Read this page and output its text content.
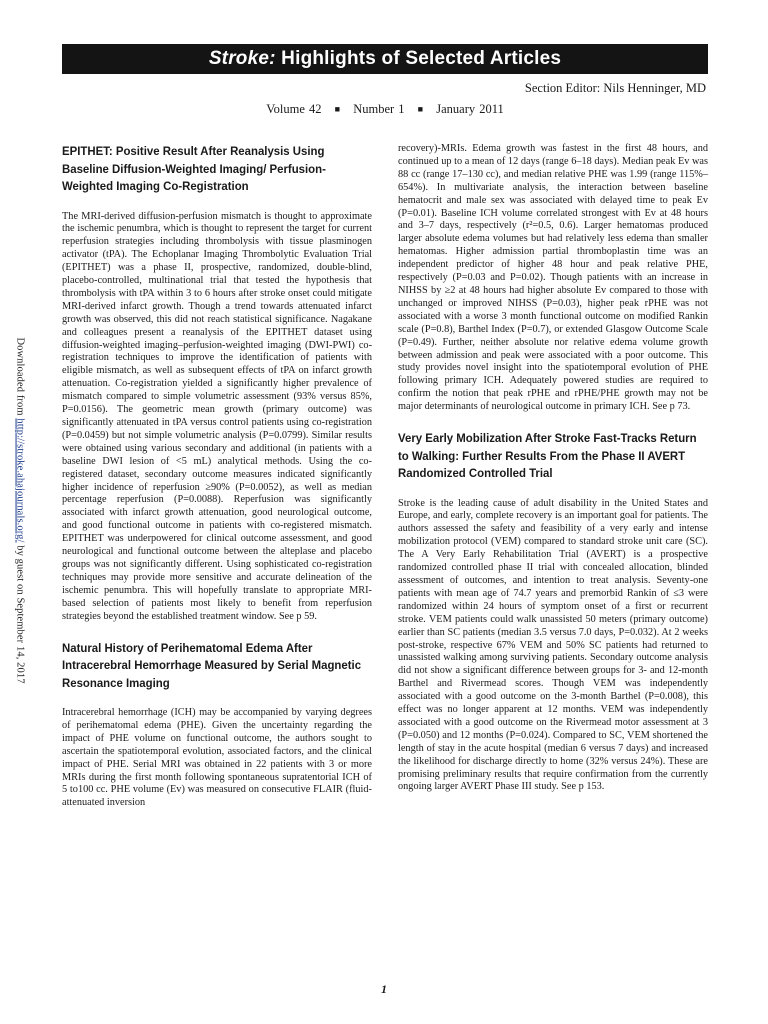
Downloaded from http://stroke.ahajournals.org/ by guest on September 14, 2017
Stroke: Highlights of Selected Articles
Section Editor: Nils Henninger, MD
Volume 42 ■ Number 1 ■ January 2011
EPITHET: Positive Result After Reanalysis Using Baseline Diffusion-Weighted Imaging/ Perfusion-Weighted Imaging Co-Registration

The MRI-derived diffusion-perfusion mismatch is thought to approximate the ischemic penumbra, which is thought to represent the target for current reperfusion strategies including thrombolysis with tissue plasminogen activator (tPA). The Echoplanar Imaging Thrombolytic Evaluation Trial (EPITHET) was a phase II, prospective, randomized, double-blind, placebo-controlled, multinational trial that tested the hypothesis that thrombolysis with tPA within 3 to 6 hours after stroke onset could mitigate MRI-derived infarct growth. Though a trend towards attenuated infarct growth was observed, this did not reach statistical significance. Nagakane and colleagues present a reanalysis of the EPITHET dataset using diffusion-weighted imaging–perfusion-weighted imaging (DWI-PWI) co-registration techniques to improve the identification of patients with eligible mismatch, as well as subsequent effects of tPA on infarct growth attenuation. Co-registration yielded a significantly higher prevalence of mismatch compared to simple volumetric assessment (93% versus 85%, P=0.0156). The geometric mean growth (primary outcome) was significantly attenuated in tPA versus control patients using co-registration (P=0.0459) but not simple volumetric analysis (P=0.0799). Similar results were obtained using various secondary and additional (in patients with a baseline DWI lesion of <5 mL) analytical methods. Using the co-registered dataset, secondary outcome measures indicated significantly higher incidence of reperfusion ≥90% (P=0.0052), as well as median percentage reperfusion (P=0.0088). Reperfusion was significantly associated with infarct growth attenuation, good neurological outcome, and good functional outcome in patients with co-registered mismatch. EPITHET was underpowered for clinical outcome assessment, and good neurological and functional outcome between the alteplase and placebo groups was not significantly different. Using sophisticated co-registration techniques may provide more sensitive and accurate delineation of the ischemic penumbra. This will hopefully translate to appropriate MRI-based selection of patients most likely to benefit from reperfusion strategies beyond the established treatment window. See p 59.

Natural History of Perihematomal Edema After Intracerebral Hemorrhage Measured by Serial Magnetic Resonance Imaging

Intracerebral hemorrhage (ICH) may be accompanied by varying degrees of perihematomal edema (PHE). Given the uncertainty regarding the impact of PHE volume on functional outcome, the authors sought to ascertain the spatiotemporal evolution, associated factors, and the clinical impact of PHE. Serial MRI was obtained in 22 patients with 3 or more MRIs during the first month following spontaneous supratentorial ICH of 5 to100 cc. PHE volume (Ev) was measured on consecutive FLAIR (fluid-attenuated inversion

recovery)-MRIs. Edema growth was fastest in the first 48 hours, and continued up to a mean of 12 days (range 6–18 days). Median peak Ev was 88 cc (range 17–130 cc), and median relative PHE was 1.99 (range 115%–654%). In multivariate analysis, the interaction between baseline hematocrit and male sex was associated with delayed time to peak Ev (P=0.01). Baseline ICH volume correlated strongest with Ev at 48 hours and 3–7 days, respectively (r²=0.5, 0.6). Larger hematomas produced larger absolute edema volumes but had relatively less edema than smaller hematomas. Higher admission partial thromboplastin time was an independent predictor of higher 48 hour and peak relative PHE, respectively (P=0.03 and P=0.02). Though patients with an increase in NIHSS by ≥2 at 48 hours had higher absolute Ev compared to those with unchanged or improved NIHSS (P=0.03), higher peak rPHE was not associated with a worse 3 month functional outcome on modified Rankin scale (P=0.8), Barthel Index (P=0.7), or extended Glasgow Outcome Scale (P=0.49). Further, neither absolute nor relative edema volume growth between admission and peak were associated with a poor outcome. This study provides novel insight into the spatiotemporal evolution of PHE following primary ICH. Adequately powered studies are required to confirm the notion that peak rPHE and rPHE/PHE growth may not be major determinants of neurological outcome in primary ICH. See p 73.

Very Early Mobilization After Stroke Fast-Tracks Return to Walking: Further Results From the Phase II AVERT Randomized Controlled Trial

Stroke is the leading cause of adult disability in the United States and Europe, and early, complete recovery is an important goal for patients. The authors assessed the safety and feasibility of a very early and intense mobilization protocol (VEM) compared to standard stroke unit care (SC). The A Very Early Rehabilitation Trial (AVERT) is a prospective randomized controlled phase II trial with concealed allocation, blinded assessment of outcomes, and intention to treat analysis. Seventy-one patients with mean age of 74.7 years and premorbid Rankin of ≤3 were randomized within 24 hours of symptom onset of a first or recurrent stroke. VEM patients could walk unassisted 50 meters (primary outcome) earlier than SC patients (median 3.5 versus 7.0 days, P=0.032). At 2 weeks post-stroke, respective 67% VEM and 50% SC patients had returned to unassisted walking among surviving patients. Secondary outcome analysis did not show a significant difference between groups for 3- and 12-month Barthel and Rivermead scores. Though VEM was independently associated with a good outcome on the 3-month Barthel (P=0.008), this effect was no longer apparent at 12 months. VEM was independently associated with a good outcome on the Rivermead motor assessment at 3 (P=0.050) and 12 months (P=0.024). Compared to SC, VEM shortened the length of stay in the acute hospital (median 6 versus 7 days) and increased the likelihood for discharge directly to home (32% versus 24%). These are promising preliminary results that require confirmation from the currently ongoing larger AVERT Phase III study. See p 153.

1
